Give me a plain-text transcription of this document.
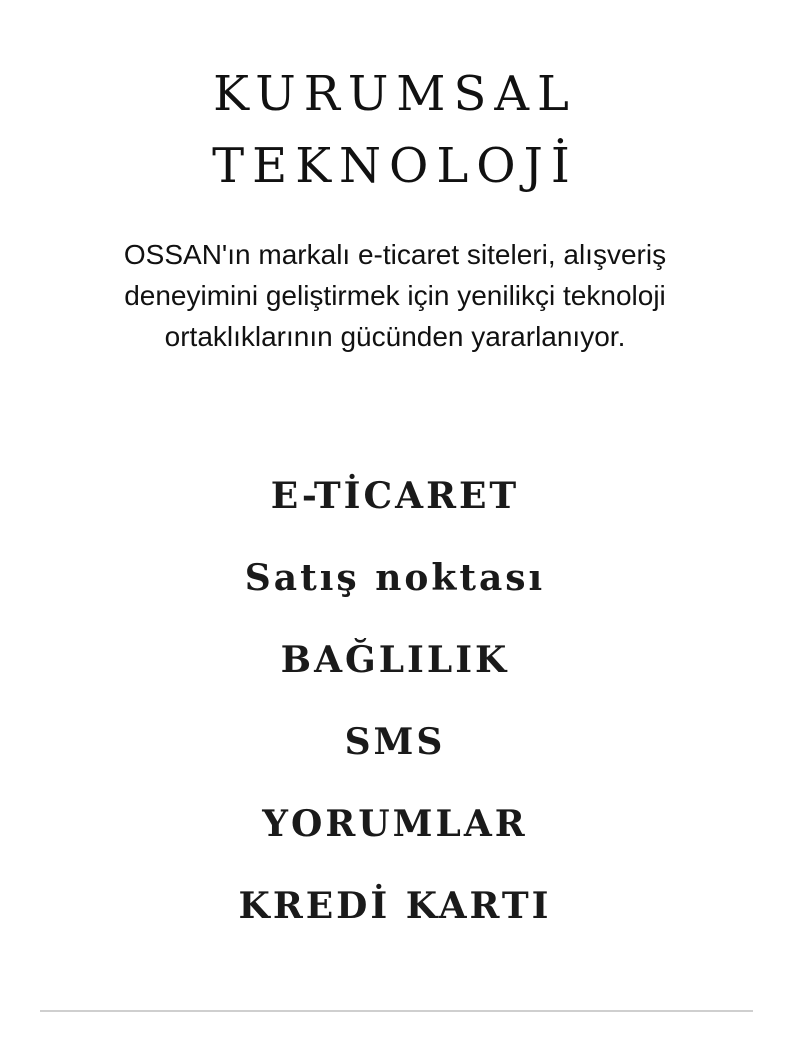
KURUMSAL
TEKNOLOJİ

OSSAN'ın markalı e-ticaret siteleri, alışveriş
deneyimini geliştirmek için yenilikçi teknoloji
ortaklıklarının gücünden yararlanıyor.

E-TİCARET
Satış noktası
BAĞLILIK
SMS
YORUMLAR
KREDİ KARTI
